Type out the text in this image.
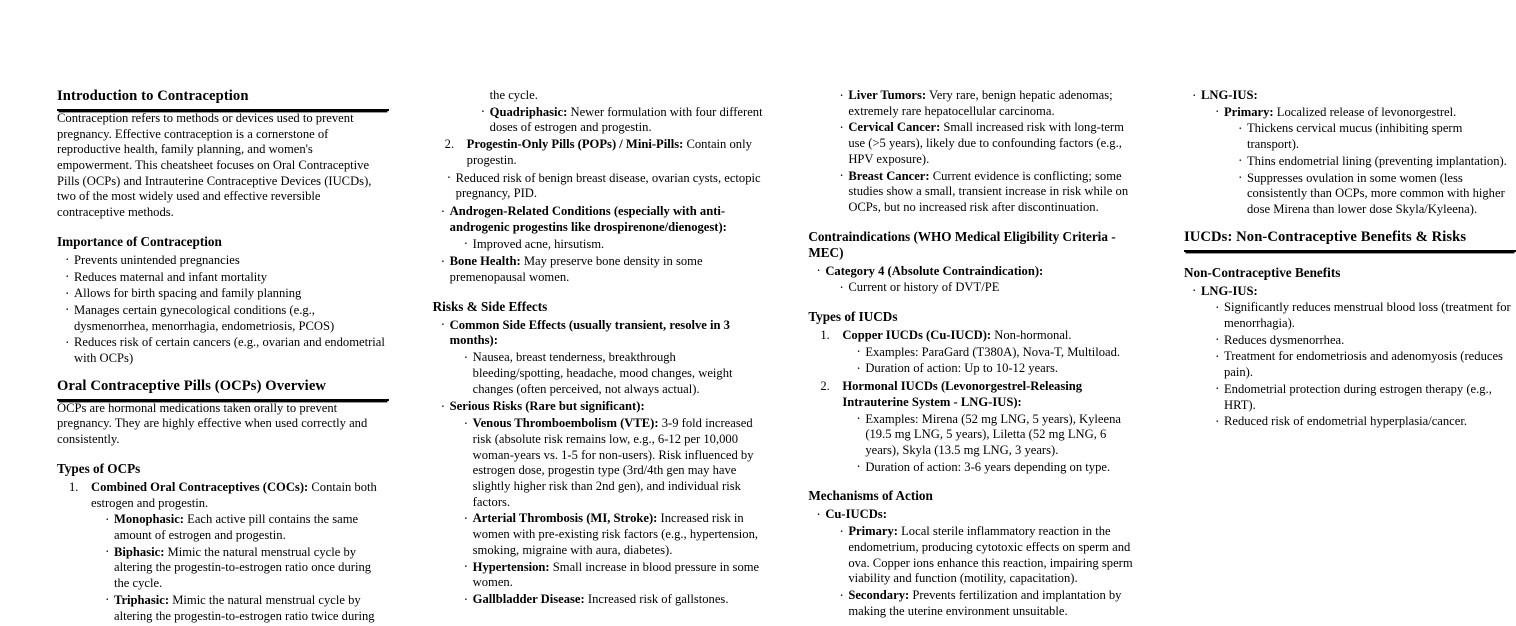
Introduction to Contraception

Contraception refers to methods or devices used to prevent pregnancy. Effective contraception is a cornerstone of reproductive health, family planning, and women's empowerment. This cheatsheet focuses on Oral Contraceptive Pills (OCPs) and Intrauterine Contraceptive Devices (IUCDs), two of the most widely used and effective reversible contraceptive methods.

Importance of Contraception
· Prevents unintended pregnancies
· Reduces maternal and infant mortality
· Allows for birth spacing and family planning
· Manages certain gynecological conditions (e.g., dysmenorrhea, menorrhagia, endometriosis, PCOS)
· Reduces risk of certain cancers (e.g., ovarian and endometrial with OCPs)
Oral Contraceptive Pills (OCPs) Overview

OCPs are hormonal medications taken orally to prevent pregnancy. They are highly effective when used correctly and consistently.

Types of OCPs
Combined Oral Contraceptives (COCs): Contain both estrogen and progestin.
· Monophasic: Each active pill contains the same amount of estrogen and progestin.
· Biphasic: Mimic the natural menstrual cycle by altering the progestin-to-estrogen ratio once during the cycle.
· Triphasic: Mimic the natural menstrual cycle by altering the progestin-to-estrogen ratio twice during the cycle.
· Quadriphasic: Newer formulation with four different doses of estrogen and progestin.
Progestin-Only Pills (POPs) / Mini-Pills: Contain only progestin.
· Reduced risk of benign breast disease, ovarian cysts, ectopic pregnancy, PID.
· Androgen-Related Conditions (especially with anti-androgenic progestins like drospirenone/dienogest):
· Improved acne, hirsutism.
· Bone Health: May preserve bone density in some premenopausal women.
Risks & Side Effects
· Common Side Effects (usually transient, resolve in 3 months):
· Nausea, breast tenderness, breakthrough bleeding/spotting, headache, mood changes, weight changes (often perceived, not always actual).
· Serious Risks (Rare but significant):
· Venous Thromboembolism (VTE): 3-9 fold increased risk (absolute risk remains low, e.g., 6-12 per 10,000 woman-years vs. 1-5 for non-users). Risk influenced by estrogen dose, progestin type (3rd/4th gen may have slightly higher risk than 2nd gen), and individual risk factors.
· Arterial Thrombosis (MI, Stroke): Increased risk in women with pre-existing risk factors (e.g., hypertension, smoking, migraine with aura, diabetes).
· Hypertension: Small increase in blood pressure in some women.
· Gallbladder Disease: Increased risk of gallstones.
· Liver Tumors: Very rare, benign hepatic adenomas; extremely rare hepatocellular carcinoma.
· Cervical Cancer: Small increased risk with long-term use (>5 years), likely due to confounding factors (e.g., HPV exposure).
· Breast Cancer: Current evidence is conflicting; some studies show a small, transient increase in risk while on OCPs, but no increased risk after discontinuation.
Contraindications (WHO Medical Eligibility Criteria - MEC)
· Category 4 (Absolute Contraindication):
· Current or history of DVT/PE
Types of IUCDs
Copper IUCDs (Cu-IUCD): Non-hormonal.
· Examples: ParaGard (T380A), Nova-T, Multiload.
· Duration of action: Up to 10-12 years.
Hormonal IUCDs (Levonorgestrel-Releasing Intrauterine System - LNG-IUS):
· Examples: Mirena (52 mg LNG, 5 years), Kyleena (19.5 mg LNG, 5 years), Liletta (52 mg LNG, 6 years), Skyla (13.5 mg LNG, 3 years).
· Duration of action: 3-6 years depending on type.
Mechanisms of Action
· Cu-IUCDs:
· Primary: Local sterile inflammatory reaction in the endometrium, producing cytotoxic effects on sperm and ova. Copper ions enhance this reaction, impairing sperm viability and function (motility, capacitation).
· Secondary: Prevents fertilization and implantation by making the uterine environment unsuitable.
· LNG-IUS:
· Primary: Localized release of levonorgestrel.
· Thickens cervical mucus (inhibiting sperm transport).
· Thins endometrial lining (preventing implantation).
· Suppresses ovulation in some women (less consistently than OCPs, more common with higher dose Mirena than lower dose Skyla/Kyleena).
IUCDs: Non-Contraceptive Benefits & Risks
Non-Contraceptive Benefits
· LNG-IUS:
· Significantly reduces menstrual blood loss (treatment for menorrhagia).
· Reduces dysmenorrhea.
· Treatment for endometriosis and adenomyosis (reduces pain).
· Endometrial protection during estrogen therapy (e.g., HRT).
· Reduced risk of endometrial hyperplasia/cancer.
